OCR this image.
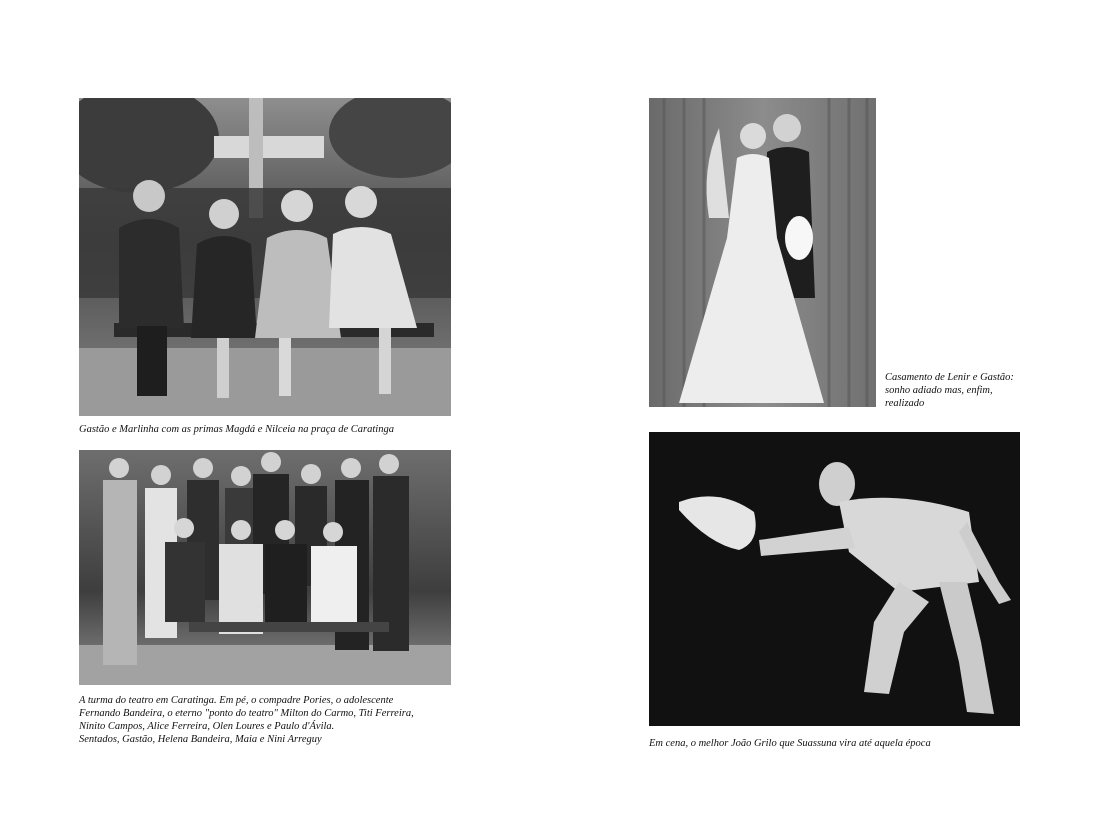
Gastão e Marlinha com as primas Magdá e Nilceia na praça de Caratinga

A turma do teatro em Caratinga. Em pé, o compadre Pories, o adolescente
Fernando Bandeira, o eterno "ponto do teatro" Milton do Carmo, Titi Ferreira,
Ninito Campos, Alice Ferreira, Olen Loures e Paulo d'Ávila.
Sentados, Gastão, Helena Bandeira, Maia e Nini Arreguy

Casamento de Lenir e Gastão:
sonho adiado mas, enfim,
realizado

Em cena, o melhor João Grilo que Suassuna vira até aquela época
